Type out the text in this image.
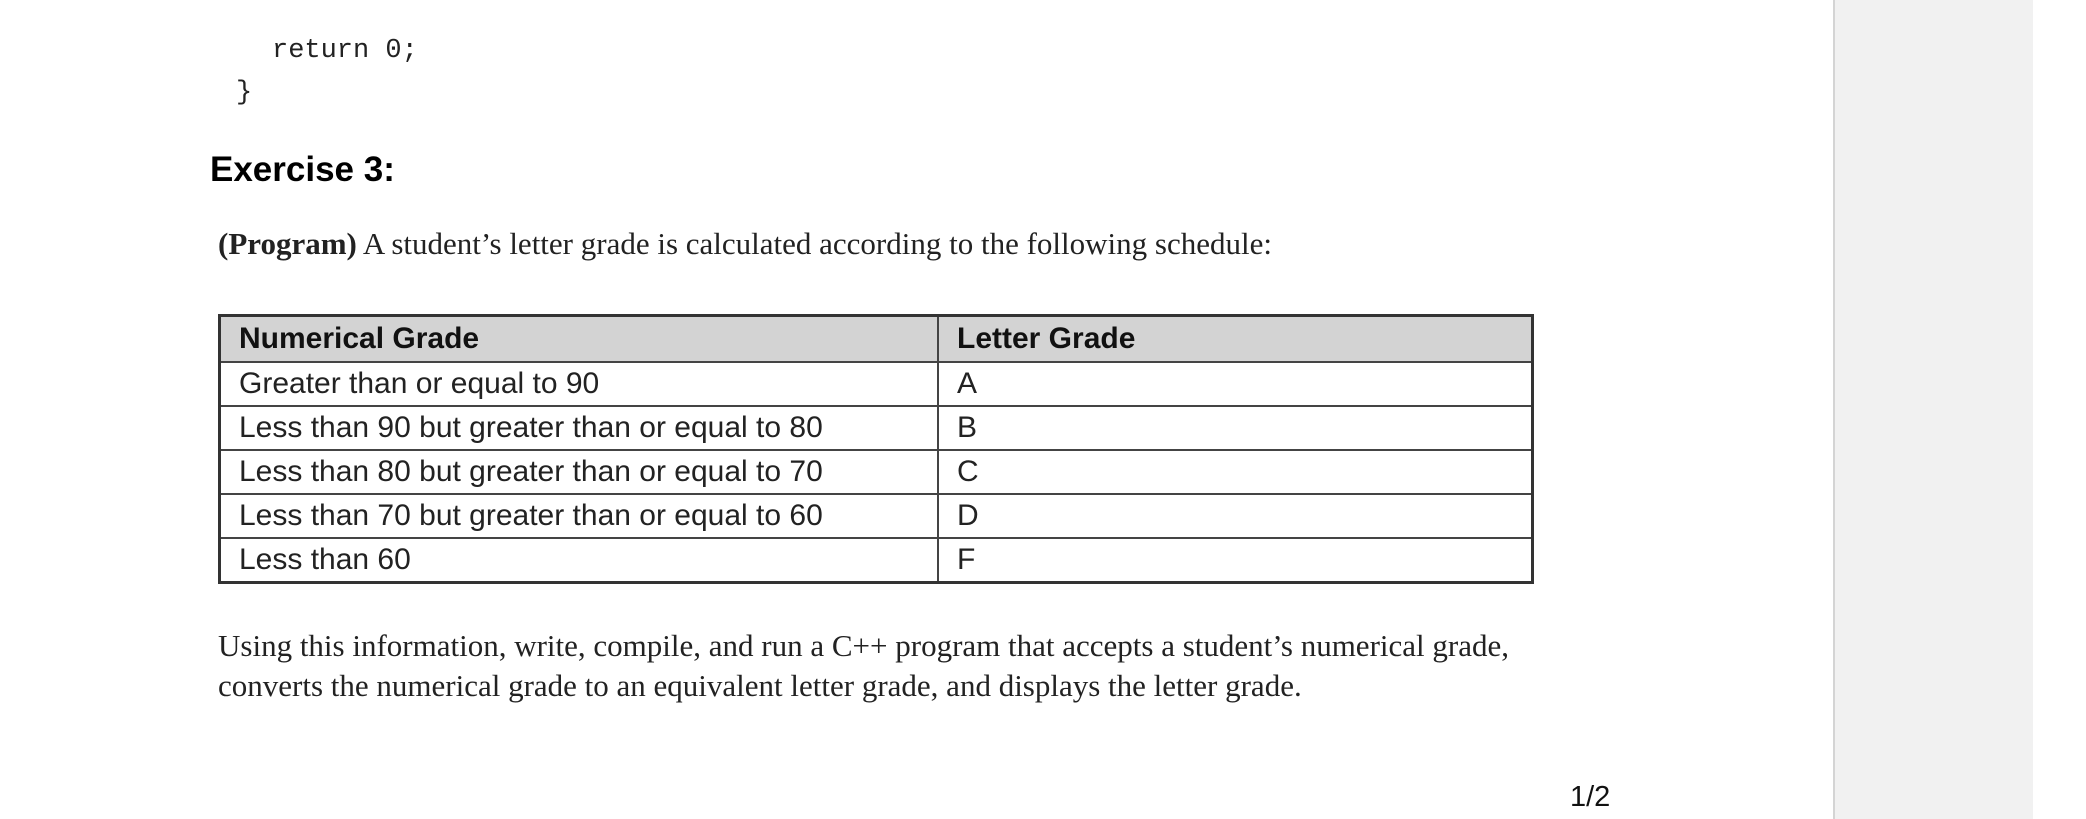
return 0;
}
Exercise 3:

(Program) A student’s letter grade is calculated according to the following schedule:

Numerical Grade	Letter Grade
Greater than or equal to 90	A
Less than 90 but greater than or equal to 80	B
Less than 80 but greater than or equal to 70	C
Less than 70 but greater than or equal to 60	D
Less than 60	F

Using this information, write, compile, and run a C++ program that accepts a student’s numerical grade, converts the numerical grade to an equivalent letter grade, and displays the letter grade.

1/2
